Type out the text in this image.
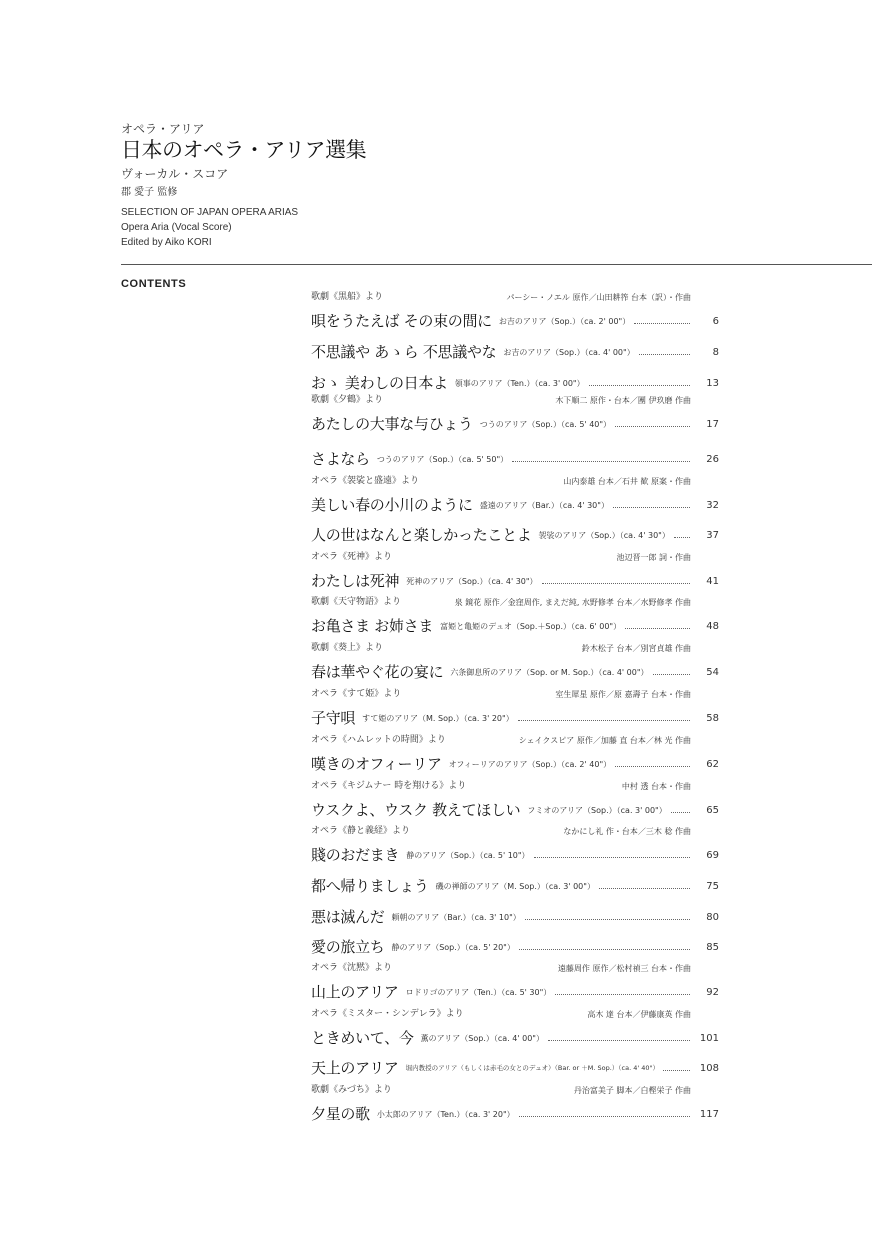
オペラ・アリア
日本のオペラ・アリア選集
ヴォーカル・スコア
郡 愛子 監修
SELECTION OF JAPAN OPERA ARIAS
Opera Aria (Vocal Score)
Edited by Aiko KORI
CONTENTS
歌劇《黒船》より	パーシー・ノエル 原作／山田耕筰 台本（訳）・作曲
唄をうたえば その束の間に お吉のアリア（Sop.）（ca. 2' 00"）	6
不思議や あゝら 不思議やな お吉のアリア（Sop.）（ca. 4' 00"）	8
おゝ 美わしの日本よ 領事のアリア（Ten.）（ca. 3' 00"）	13
歌劇《夕鶴》より	木下順二 原作・台本／團 伊玖磨 作曲
あたしの大事な与ひょう つうのアリア（Sop.）（ca. 5' 40"）	17
さよなら つうのアリア（Sop.）（ca. 5' 50"）	26
オペラ《袈裟と盛遠》より	山内泰雄 台本／石井 歓 原案・作曲
美しい春の小川のように 盛遠のアリア（Bar.）（ca. 4' 30"）	32
人の世はなんと楽しかったことよ 袈裟のアリア（Sop.）（ca. 4' 30"）	37
オペラ《死神》より	池辺晋一郎 詞・作曲
わたしは死神 死神のアリア（Sop.）（ca. 4' 30"）	41
歌劇《天守物語》より	泉 鏡花 原作／金窪周作, まえだ純, 水野修孝 台本／水野修孝 作曲
お亀さま お姉さま 富姫と亀姫のデュオ（Sop.＋Sop.）（ca. 6' 00"）	48
歌劇《葵上》より	鈴木松子 台本／別宮貞雄 作曲
春は華やぐ花の宴に 六条御息所のアリア（Sop. or M. Sop.）（ca. 4' 00"）	54
オペラ《すて姫》より	室生犀星 原作／原 嘉壽子 台本・作曲
子守唄 すて姫のアリア（M. Sop.）（ca. 3' 20"）	58
オペラ《ハムレットの時間》より	シェイクスピア 原作／加藤 直 台本／林 光 作曲
嘆きのオフィーリア オフィーリアのアリア（Sop.）（ca. 2' 40"）	62
オペラ《キジムナー 時を翔ける》より	中村 透 台本・作曲
ウスクよ、ウスク 教えてほしい フミオのアリア（Sop.）（ca. 3' 00"）	65
オペラ《静と義経》より	なかにし礼 作・台本／三木 稔 作曲
賤のおだまき 静のアリア（Sop.）（ca. 5' 10"）	69
都へ帰りましょう 磯の禅師のアリア（M. Sop.）（ca. 3' 00"）	75
悪は滅んだ 頼朝のアリア（Bar.）（ca. 3' 10"）	80
愛の旅立ち 静のアリア（Sop.）（ca. 5' 20"）	85
オペラ《沈黙》より	遠藤周作 原作／松村禎三 台本・作曲
山上のアリア ロドリゴのアリア（Ten.）（ca. 5' 30"）	92
オペラ《ミスター・シンデレラ》より	高木 達 台本／伊藤康英 作曲
ときめいて、今 薫のアリア（Sop.）（ca. 4' 00"）	101
天上のアリア 堀内教授のアリア（もしくは赤毛の女とのデュオ）（Bar. or ＋M. Sop.）（ca. 4' 40"）	108
歌劇《みづち》より	丹治富美子 脚本／白樫栄子 作曲
夕星の歌 小太郎のアリア（Ten.）（ca. 3' 20"）	117
